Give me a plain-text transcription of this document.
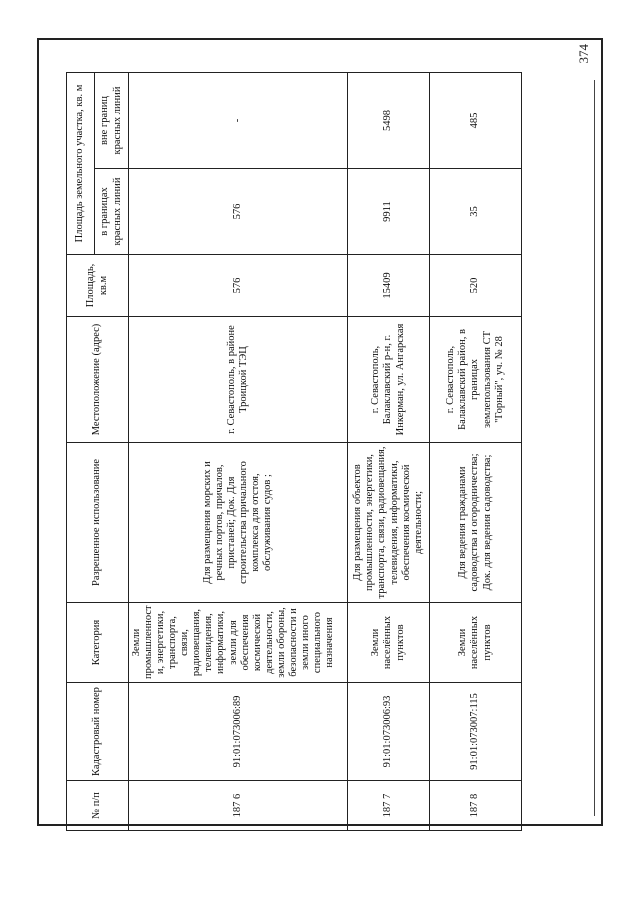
374
№ п/п	Кадастровый номер	Категория	Разрешенное использование	Местоположение (адрес)	Площадь, кв.м	Площадь земельного участка, кв. м	
						в границах красных линий	вне границ красных линий
187 6	91:01:073006:89	Земли промышленност и, энергетики, транспорта, связи, радиовещания, телевидения, информатики, земли для обеспечения космической деятельности, земли обороны, безопасности и земли иного специального назначения	Для размещения морских и речных портов, причалов, пристаней; Док. Для строительства причального комплекса для отстоя, обслуживания судов ;	г. Севастополь, в районе Троицкой ТЭЦ	576	576	-
187 7	91:01:073006:93	Земли населённых пунктов	Для размещения объектов промышленности, энергетики, транспорта, связи, радиовещания, телевидения, информатики, обеспечения космической деятельности;	г. Севастополь, Балаклавский р-н, г. Инкерман, ул. Ангарская	15409	9911	5498
187 8	91:01:073007:115	Земли населённых пунктов	Для ведения гражданами садоводства и огородничества; Док. для ведения садоводства;	г. Севастополь, Балаклавский район, в границах землепользования СТ "Горный", уч. № 28	520	35	485
